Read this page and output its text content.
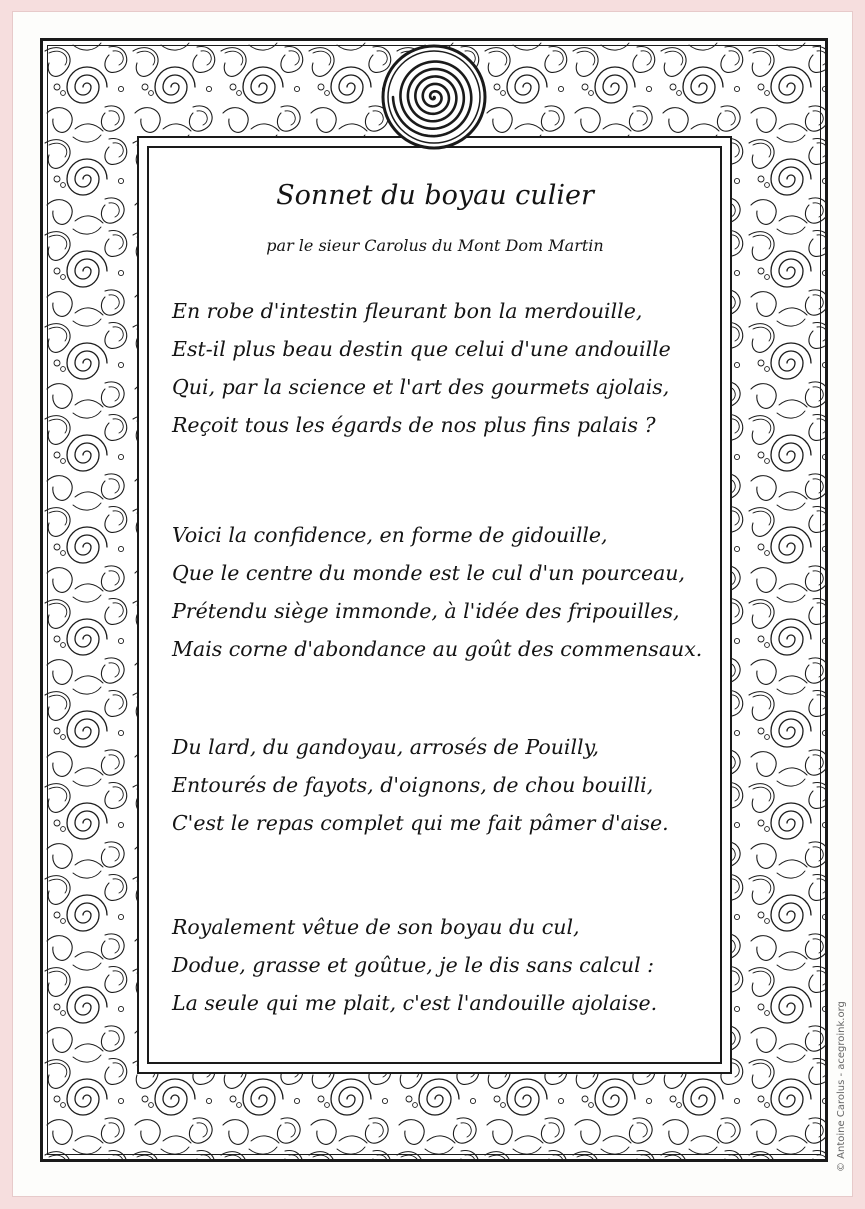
Sonnet du boyau culier

par le sieur Carolus du Mont Dom Martin

En robe d'intestin fleurant bon la merdouille,
Est-il plus beau destin que celui d'une andouille
Qui, par la science et l'art des gourmets ajolais,
Reçoit tous les égards de nos plus fins palais ?
Voici la confidence, en forme de gidouille,
Que le centre du monde est le cul d'un pourceau,
Prétendu siège immonde, à l'idée des fripouilles,
Mais corne d'abondance au goût des commensaux.
Du lard, du gandoyau, arrosés de Pouilly,
Entourés de fayots, d'oignons, de chou bouilli,
C'est le repas complet qui me fait pâmer d'aise.
Royalement vêtue de son boyau du cul,
Dodue, grasse et goûtue, je le dis sans calcul :
La seule qui me plait, c'est l'andouille ajolaise.	© Antoine Carolus - acegroink.org
